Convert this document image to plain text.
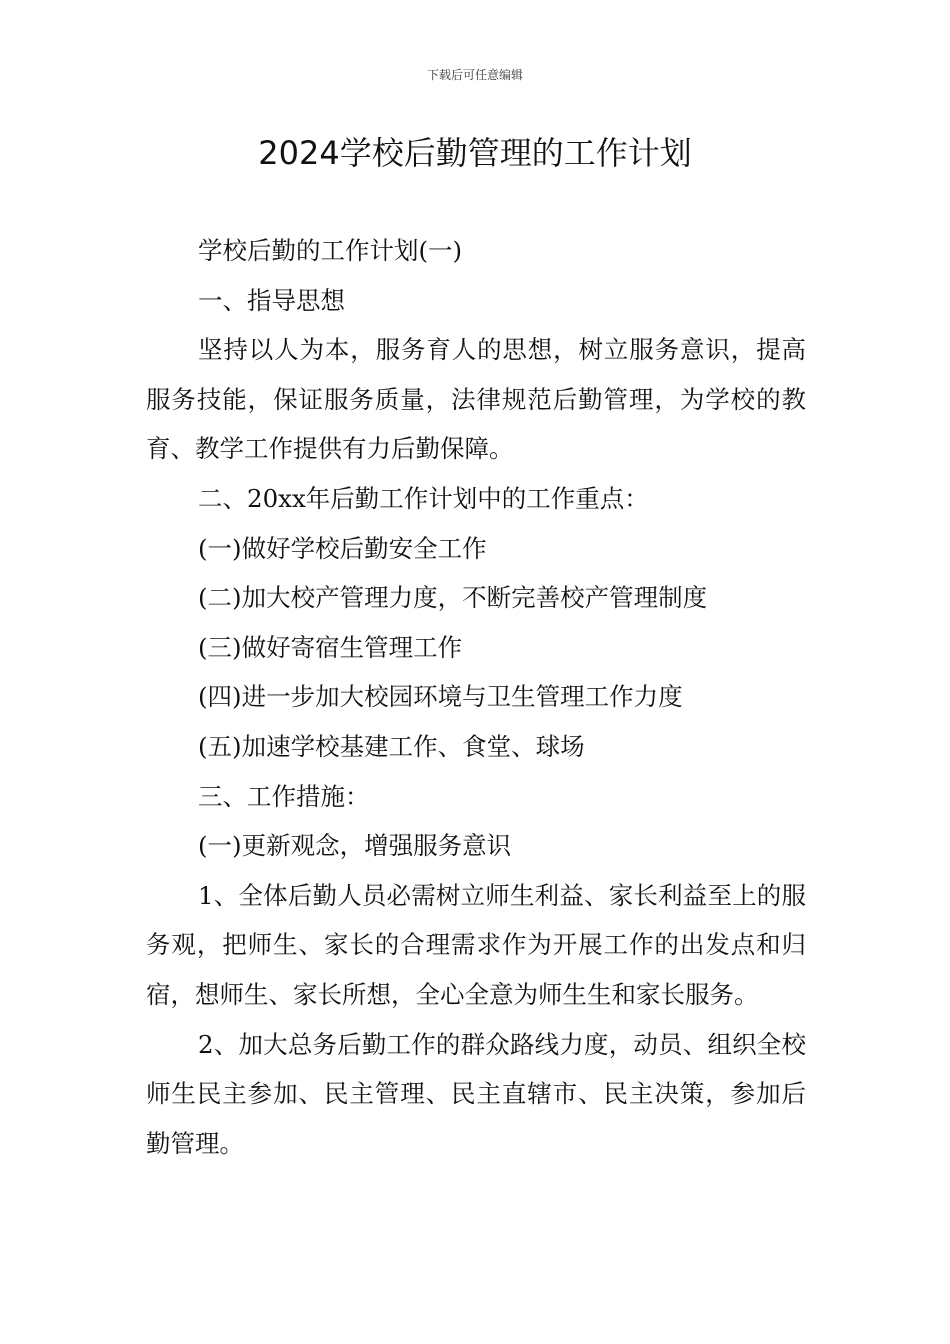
下载后可任意编辑
2024学校后勤管理的工作计划

学校后勤的工作计划(一)

一、指导思想

坚持以人为本，服务育人的思想，树立服务意识，提高服务技能，保证服务质量，法律规范后勤管理，为学校的教育、教学工作提供有力后勤保障。

二、20xx年后勤工作计划中的工作重点：

(一)做好学校后勤安全工作

(二)加大校产管理力度，不断完善校产管理制度

(三)做好寄宿生管理工作

(四)进一步加大校园环境与卫生管理工作力度

(五)加速学校基建工作、食堂、球场

三、工作措施：

(一)更新观念，增强服务意识

1、全体后勤人员必需树立师生利益、家长利益至上的服务观，把师生、家长的合理需求作为开展工作的出发点和归宿，想师生、家长所想，全心全意为师生生和家长服务。

2、加大总务后勤工作的群众路线力度，动员、组织全校师生民主参加、民主管理、民主直辖市、民主决策，参加后勤管理。
